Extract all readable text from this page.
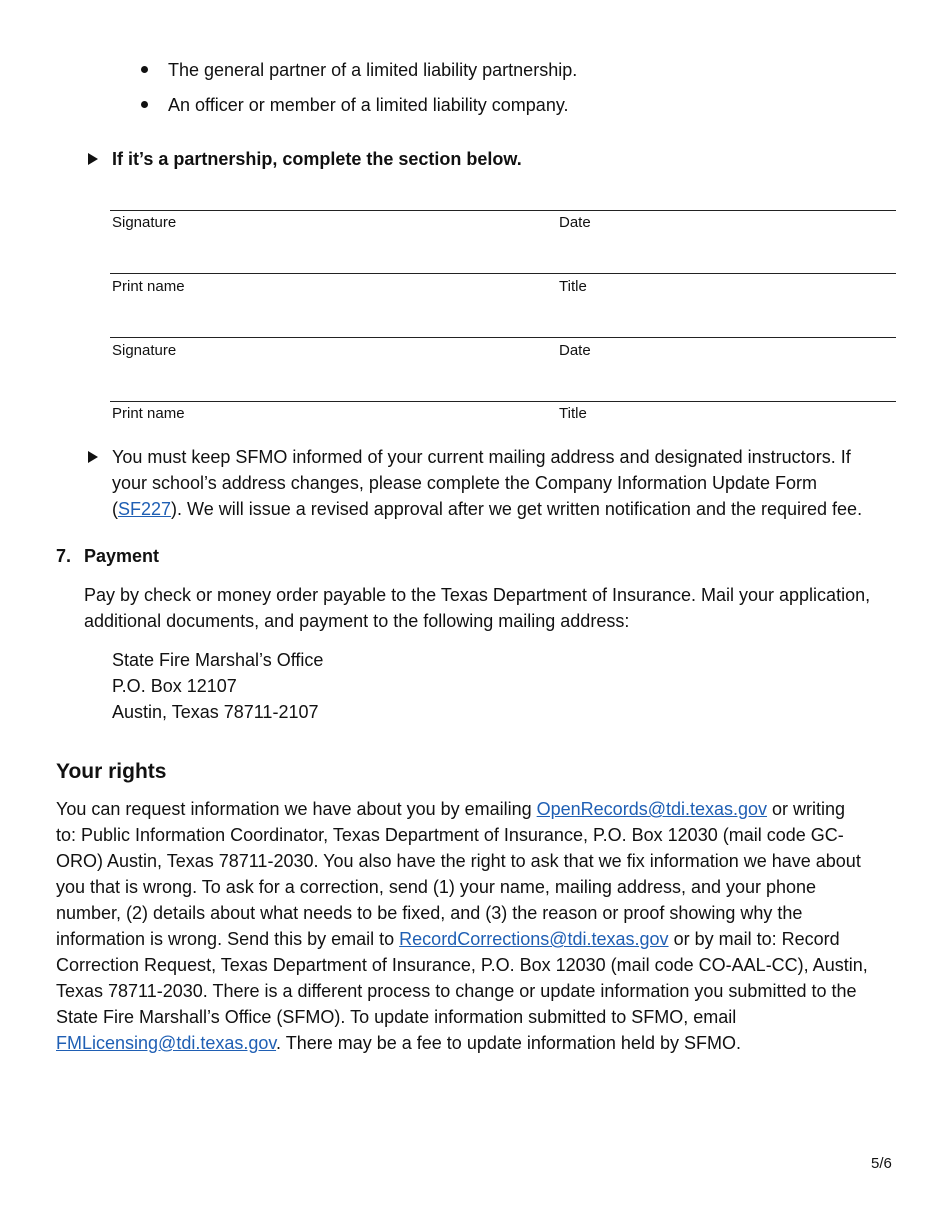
The general partner of a limited liability partnership.
An officer or member of a limited liability company.
If it’s a partnership, complete the section below.
Signature	Date
Print name	Title
Signature	Date
Print name	Title
You must keep SFMO informed of your current mailing address and designated instructors. If
your school’s address changes, please complete the Company Information Update Form
(SF227). We will issue a revised approval after we get written notification and the required fee.
7. Payment
Pay by check or money order payable to the Texas Department of Insurance. Mail your application,
additional documents, and payment to the following mailing address:
State Fire Marshal’s Office
P.O. Box 12107
Austin, Texas 78711-2107
Your rights
You can request information we have about you by emailing OpenRecords@tdi.texas.gov or writing
to: Public Information Coordinator, Texas Department of Insurance, P.O. Box 12030 (mail code GC-
ORO) Austin, Texas 78711-2030. You also have the right to ask that we fix information we have about
you that is wrong. To ask for a correction, send (1) your name, mailing address, and your phone
number, (2) details about what needs to be fixed, and (3) the reason or proof showing why the
information is wrong. Send this by email to RecordCorrections@tdi.texas.gov or by mail to: Record
Correction Request, Texas Department of Insurance, P.O. Box 12030 (mail code CO-AAL-CC), Austin,
Texas 78711-2030. There is a different process to change or update information you submitted to the
State Fire Marshall’s Office (SFMO). To update information submitted to SFMO, email
FMLicensing@tdi.texas.gov. There may be a fee to update information held by SFMO.
5/6
